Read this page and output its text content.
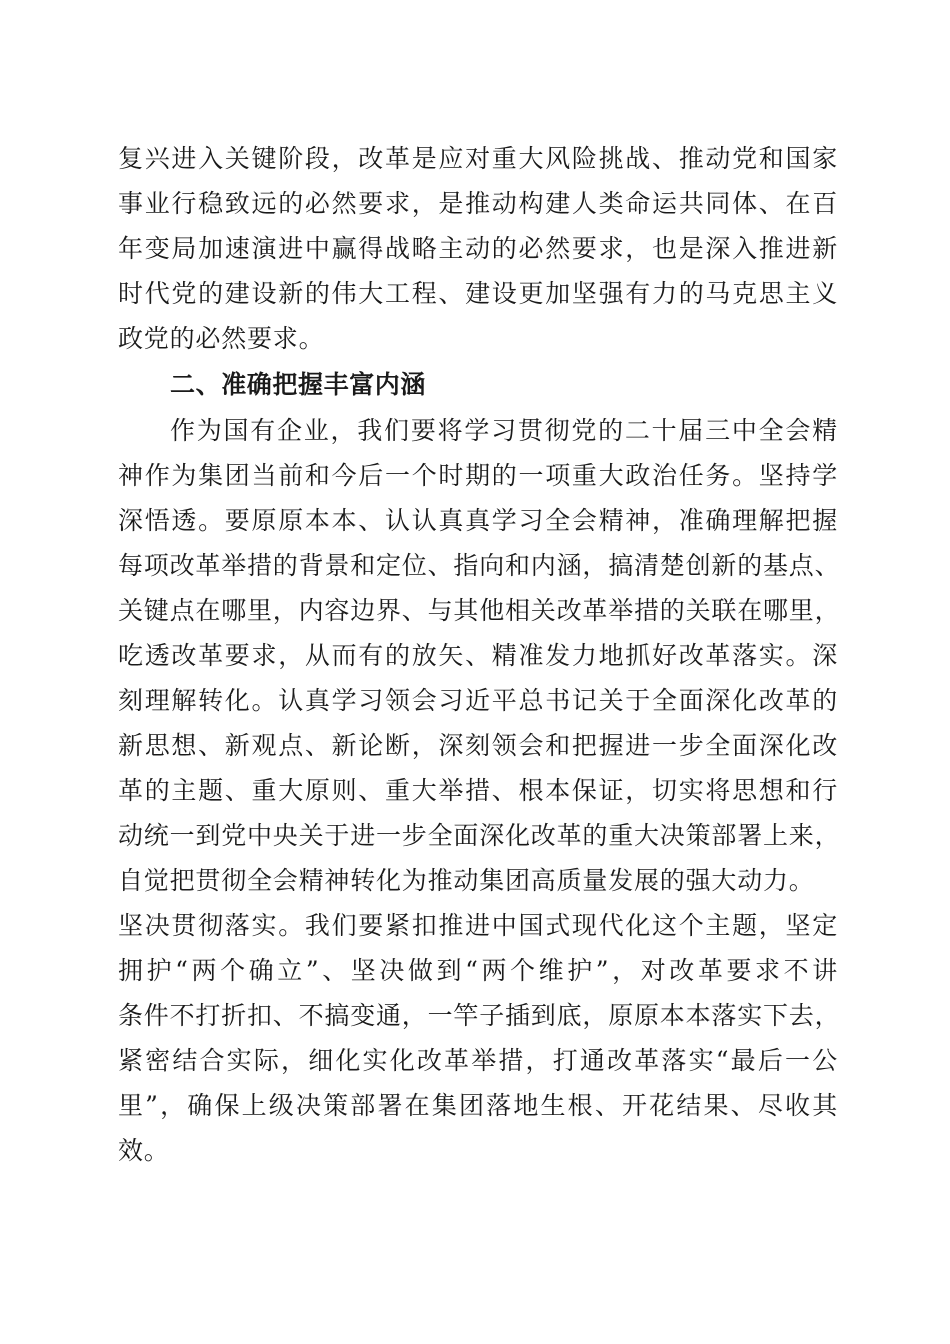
复兴进入关键阶段，改革是应对重大风险挑战、推动党和国家
事业行稳致远的必然要求，是推动构建人类命运共同体、在百
年变局加速演进中赢得战略主动的必然要求，也是深入推进新
时代党的建设新的伟大工程、建设更加坚强有力的马克思主义
政党的必然要求。
二、准确把握丰富内涵
作为国有企业，我们要将学习贯彻党的二十届三中全会精
神作为集团当前和今后一个时期的一项重大政治任务。坚持学
深悟透。要原原本本、认认真真学习全会精神，准确理解把握
每项改革举措的背景和定位、指向和内涵，搞清楚创新的基点、
关键点在哪里，内容边界、与其他相关改革举措的关联在哪里，
吃透改革要求，从而有的放矢、精准发力地抓好改革落实。深
刻理解转化。认真学习领会习近平总书记关于全面深化改革的
新思想、新观点、新论断，深刻领会和把握进一步全面深化改
革的主题、重大原则、重大举措、根本保证，切实将思想和行
动统一到党中央关于进一步全面深化改革的重大决策部署上来，
自觉把贯彻全会精神转化为推动集团高质量发展的强大动力。
坚决贯彻落实。我们要紧扣推进中国式现代化这个主题，坚定
拥护“两个确立”、坚决做到“两个维护”，对改革要求不讲
条件不打折扣、不搞变通，一竿子插到底，原原本本落实下去，
紧密结合实际，细化实化改革举措，打通改革落实“最后一公
里”，确保上级决策部署在集团落地生根、开花结果、尽收其
效。
